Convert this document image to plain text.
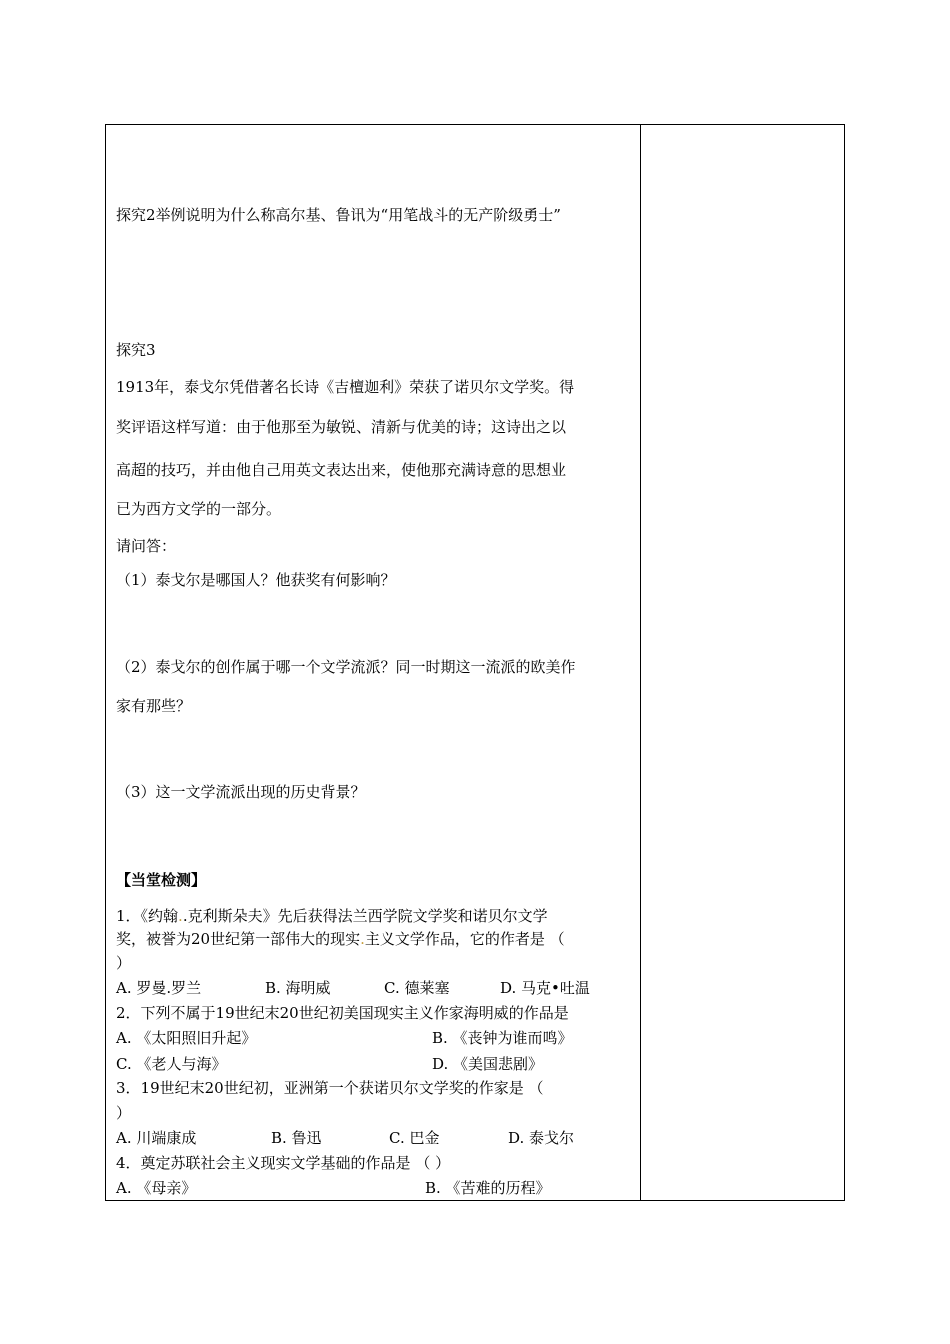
探究2举例说明为什么称高尔基、鲁讯为“用笔战斗的无产阶级勇士”
探究3
1913年，泰戈尔凭借著名长诗《吉檀迦利》荣获了诺贝尔文学奖。得
奖评语这样写道：由于他那至为敏锐、清新与优美的诗；这诗出之以
高超的技巧，并由他自己用英文表达出来，使他那充满诗意的思想业
已为西方文学的一部分。
请问答：
（1）泰戈尔是哪国人？他获奖有何影响？
（2）泰戈尔的创作属于哪一个文学流派？同一时期这一流派的欧美作
家有那些？
（3）这一文学流派出现的历史背景？
【当堂检测】
1．《约翰..克利斯朵夫》先后获得法兰西学院文学奖和诺贝尔文学
奖，被誉为20世纪第一部伟大的现实.主义文学作品，它的作者是 （
）
A. 罗曼.罗兰	B. 海明威	C. 德莱塞	D. 马克•吐温
2．下列不属于19世纪末20世纪初美国现实主义作家海明威的作品是
A. 《太阳照旧升起》	B. 《丧钟为谁而鸣》
C. 《老人与海》	D. 《美国悲剧》
3．19世纪末20世纪初，亚洲第一个获诺贝尔文学奖的作家是 （
）
A. 川端康成	B. 鲁迅	C. 巴金	D. 泰戈尔
4．奠定苏联社会主义现实文学基础的作品是 （ ）
A. 《母亲》	B. 《苦难的历程》
